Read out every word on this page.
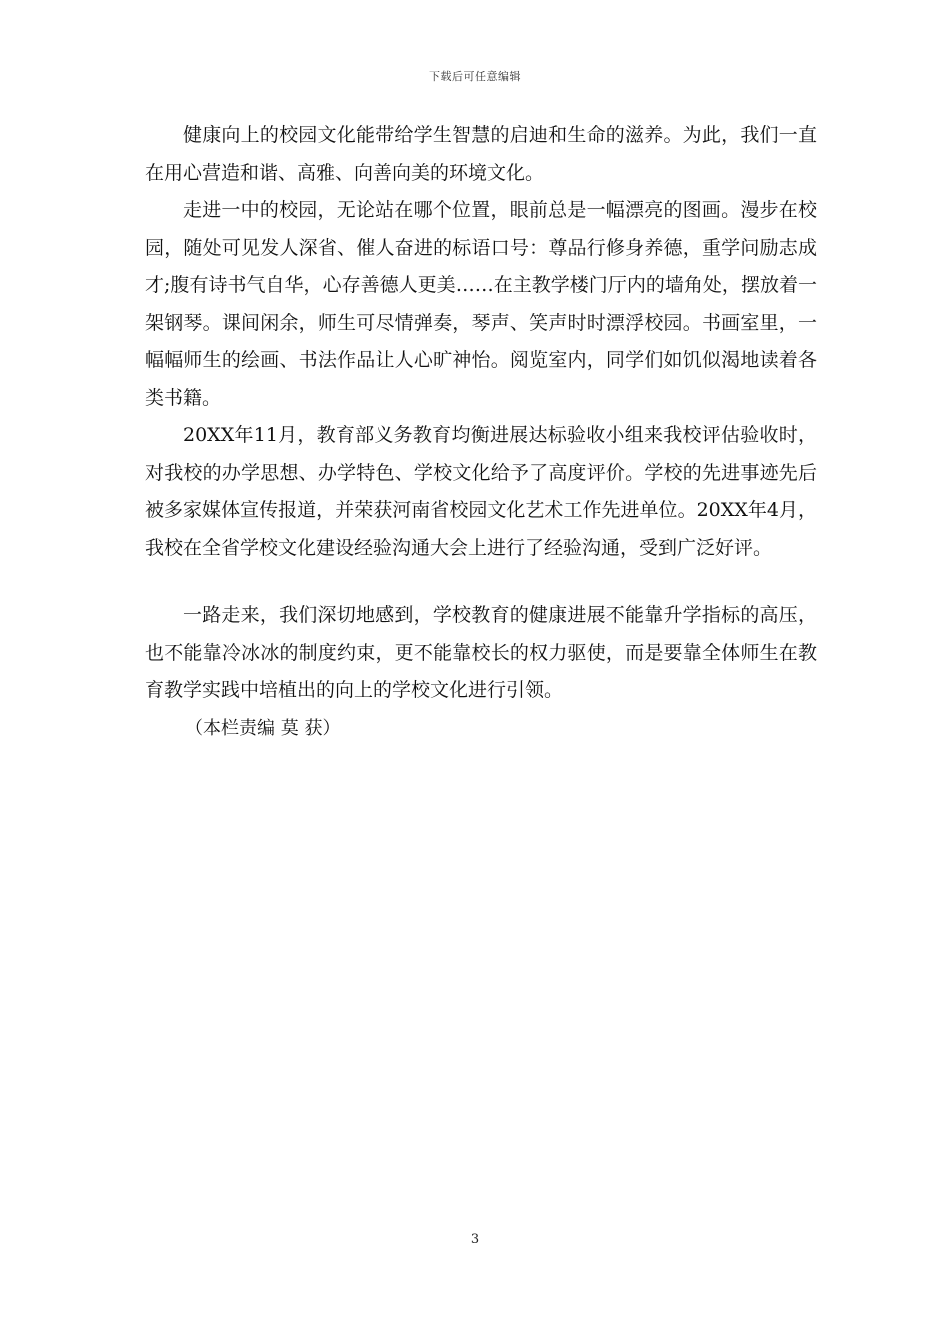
下载后可任意编辑

健康向上的校园文化能带给学生智慧的启迪和生命的滋养。为此，我们一直在用心营造和谐、高雅、向善向美的环境文化。

走进一中的校园，无论站在哪个位置，眼前总是一幅漂亮的图画。漫步在校园，随处可见发人深省、催人奋进的标语口号：尊品行修身养德，重学问励志成才;腹有诗书气自华，心存善德人更美……在主教学楼门厅内的墙角处，摆放着一架钢琴。课间闲余，师生可尽情弹奏，琴声、笑声时时漂浮校园。书画室里，一幅幅师生的绘画、书法作品让人心旷神怡。阅览室内，同学们如饥似渴地读着各类书籍。

20XX年11月，教育部义务教育均衡进展达标验收小组来我校评估验收时，对我校的办学思想、办学特色、学校文化给予了高度评价。学校的先进事迹先后被多家媒体宣传报道，并荣获河南省校园文化艺术工作先进单位。20XX年4月，我校在全省学校文化建设经验沟通大会上进行了经验沟通，受到广泛好评。

一路走来，我们深切地感到，学校教育的健康进展不能靠升学指标的高压，也不能靠冷冰冰的制度约束，更不能靠校长的权力驱使，而是要靠全体师生在教育教学实践中培植出的向上的学校文化进行引领。

（本栏责编 莫 获）

3
